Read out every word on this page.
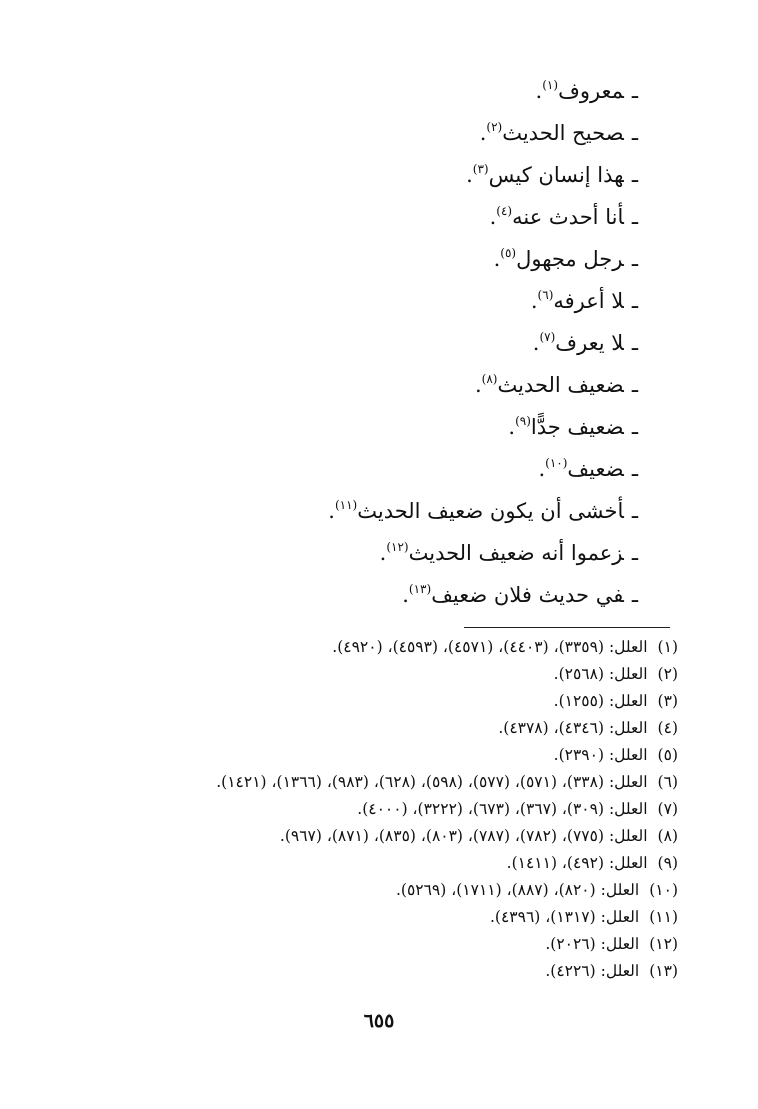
ـمعروف$^{(١)}$.
ـصحيح الحديث$^{(٢)}$.
ـهذا إنسان كيس$^{(٣)}$.
ـأنا أحدث عنه$^{(٤)}$.
ـرجل مجهول$^{(٥)}$.
ـلا أعرفه$^{(٦)}$.
ـلا يعرف$^{(٧)}$.
ـضعيف الحديث$^{(٨)}$.
ـضعيف جدًّا$^{(٩)}$.
ـضعيف$^{(١٠)}$.
ـأخشى أن يكون ضعيف الحديث$^{(١١)}$.
ـزعموا أنه ضعيف الحديث$^{(١٢)}$.
ـفي حديث فلان ضعيف$^{(١٣)}$.
(١)العلل: (٣٣٥٩)، (٤٤٠٣)، (٤٥٧١)، (٤٥٩٣)، (٤٩٢٠).
(٢)العلل: (٢٥٦٨).
(٣)العلل: (١٢٥٥).
(٤)العلل: (٤٣٤٦)، (٤٣٧٨).
(٥)العلل: (٢٣٩٠).
(٦)العلل: (٣٣٨)، (٥٧١)، (٥٧٧)، (٥٩٨)، (٦٢٨)، (٩٨٣)، (١٣٦٦)، (١٤٢١).
(٧)العلل: (٣٠٩)، (٣٦٧)، (٦٧٣)، (٣٢٢٢)، (٤٠٠٠).
(٨)العلل: (٧٧٥)، (٧٨٢)، (٧٨٧)، (٨٠٣)، (٨٣٥)، (٨٧١)، (٩٦٧).
(٩)العلل: (٤٩٢)، (١٤١١).
(١٠)العلل: (٨٢٠)، (٨٨٧)، (١٧١١)، (٥٢٦٩).
(١١)العلل: (١٣١٧)، (٤٣٩٦).
(١٢)العلل: (٢٠٢٦).
(١٣)العلل: (٤٢٢٦).
٦٥٥
